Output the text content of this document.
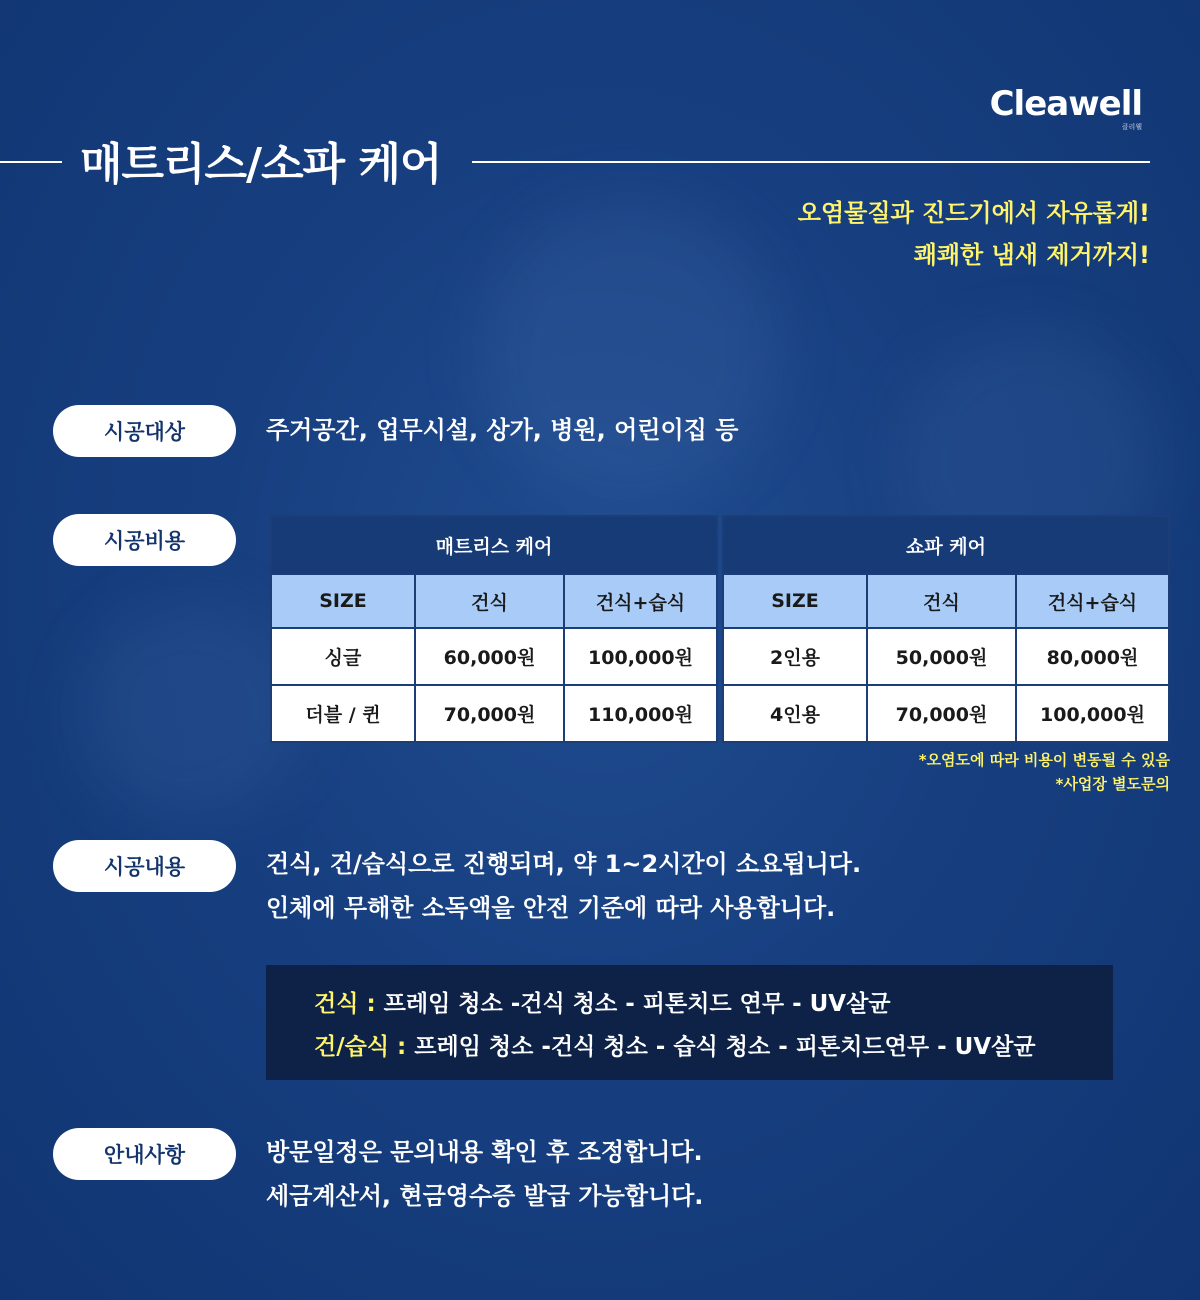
Cleawell
클리웰
매트리스/소파 케어
오염물질과 진드기에서 자유롭게!
쾌쾌한 냄새 제거까지!
시공대상	주거공간, 업무시설, 상가, 병원, 어린이집 등
시공비용	매트리스 케어		
SIZE	건식	건식+습식
싱글	60,000원	100,000원
더블 / 퀸	70,000원	110,000원
쇼파 케어		
SIZE	건식	건식+습식
2인용	50,000원	80,000원
4인용	70,000원	100,000원
*오염도에 따라 비용이 변동될 수 있음
*사업장 별도문의
시공내용	건식, 건/습식으로 진행되며, 약 1~2시간이 소요됩니다.
인체에 무해한 소독액을 안전 기준에 따라 사용합니다.
건식 : 프레임 청소 -건식 청소 - 피톤치드 연무 - UV살균
건/습식 : 프레임 청소 -건식 청소 - 습식 청소 - 피톤치드연무 - UV살균
안내사항	방문일정은 문의내용 확인 후 조정합니다.
세금계산서, 현금영수증 발급 가능합니다.
